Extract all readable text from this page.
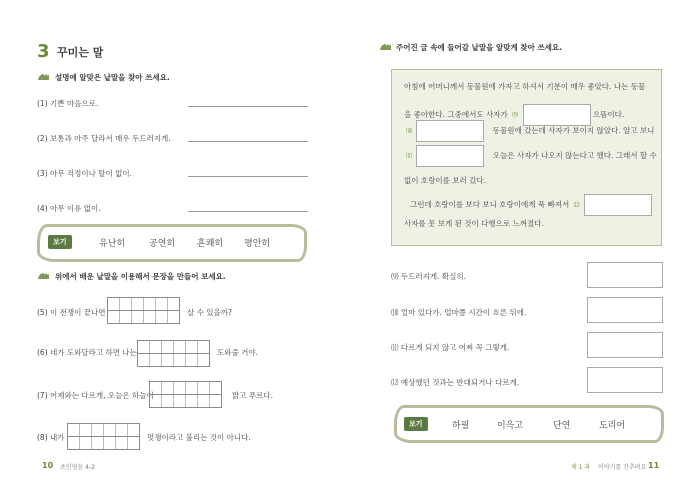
3 꾸미는 말
설명에 알맞은 낱말을 찾아 쓰세요.
(1) 기쁜 마음으로.
(2) 보통과 아주 달라서 매우 두드러지게.
(3) 아무 걱정이나 탈이 없이.
(4) 아무 이유 없이.
보기	유난히	공연히 흔쾌히 평안히
위에서 배운 낱말을 이용해서 문장을 만들어 보세요.
(5) 이 전쟁이 끝나면	살 수 있을까?
(6) 네가 도와달라고 하면 나는	도와줄 거야.
(7) 어제와는 다르게, 오늘은 하늘이	맑고 푸르다.
(8) 내가	멋쟁이라고 불리는 것이 아니다.
10 초인영음 4-2
주어진 글 속에 들어갈 낱말을 알맞게 찾아 쓰세요.
아침에 어머니께서 동물원에 가자고 하셔서 기분이 매우 좋았다. 나는 동물
을 좋아한다. 그중에서도 사자가 ⑼	으뜸이다.
⑽	동물원에 갔는데 사자가 보이지 않았다. 알고 보니
⑾	오늘은 사자가 나오지 않는다고 했다. 그래서 할 수
없이 호랑이를 보러 갔다.
그런데 호랑이를 보다 보니 호랑이에게 푹 빠져서 ⑿
사자를 못 보게 된 것이 다행으로 느껴졌다.
⑼ 두드러지게. 확실히.
⑽ 얼마 있다가. 얼마쯤 시간이 흐른 뒤에.
⑾ 다르게 되지 않고 어찌 꼭 그렇게.
⑿ 예상했던 것과는 반대되거나 다르게.
보기	하필	이윽고	단연	도리어
제 1 과 이야기를 간추려요 11
